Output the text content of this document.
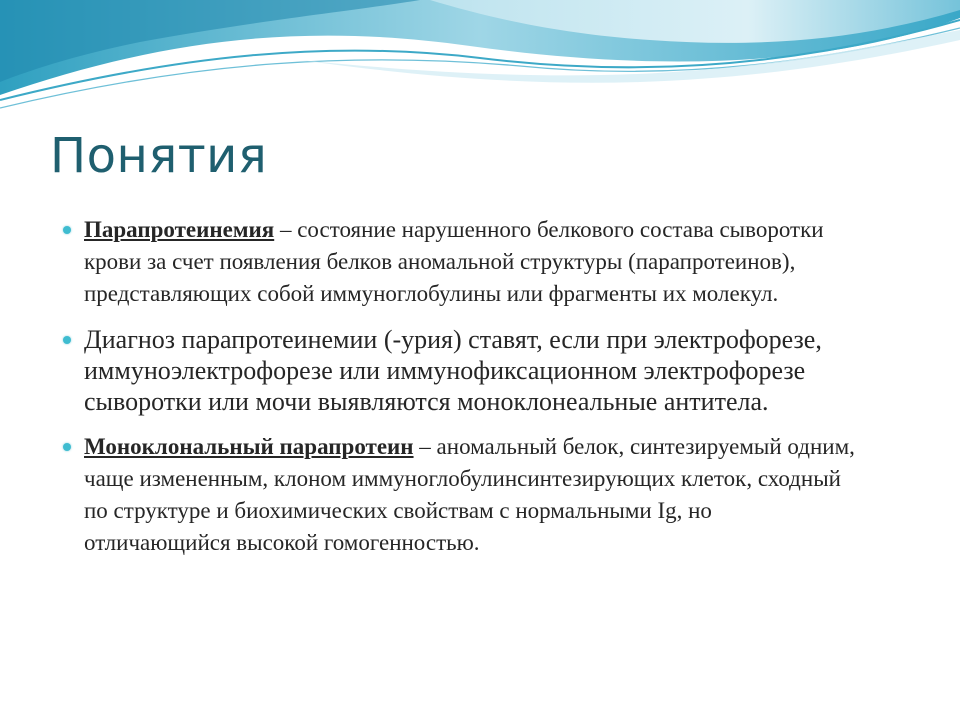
Понятия
Парапротеинемия – состояние нарушенного белкового состава сыворотки крови за счет появления белков аномальной структуры (парапротеинов), представляющих собой иммуноглобулины или фрагменты их молекул.
Диагноз парапротеинемии (-урия) ставят, если при электрофорезе, иммуноэлектрофорезе или иммунофиксационном электрофорезе сыворотки или мочи выявляются моноклонеальные антитела.
Моноклональный парапротеин – аномальный белок, синтезируемый одним, чаще измененным, клоном иммуноглобулинсинтезирующих клеток, сходный по структуре и биохимических свойствам с нормальными Ig, но отличающийся высокой гомогенностью.
